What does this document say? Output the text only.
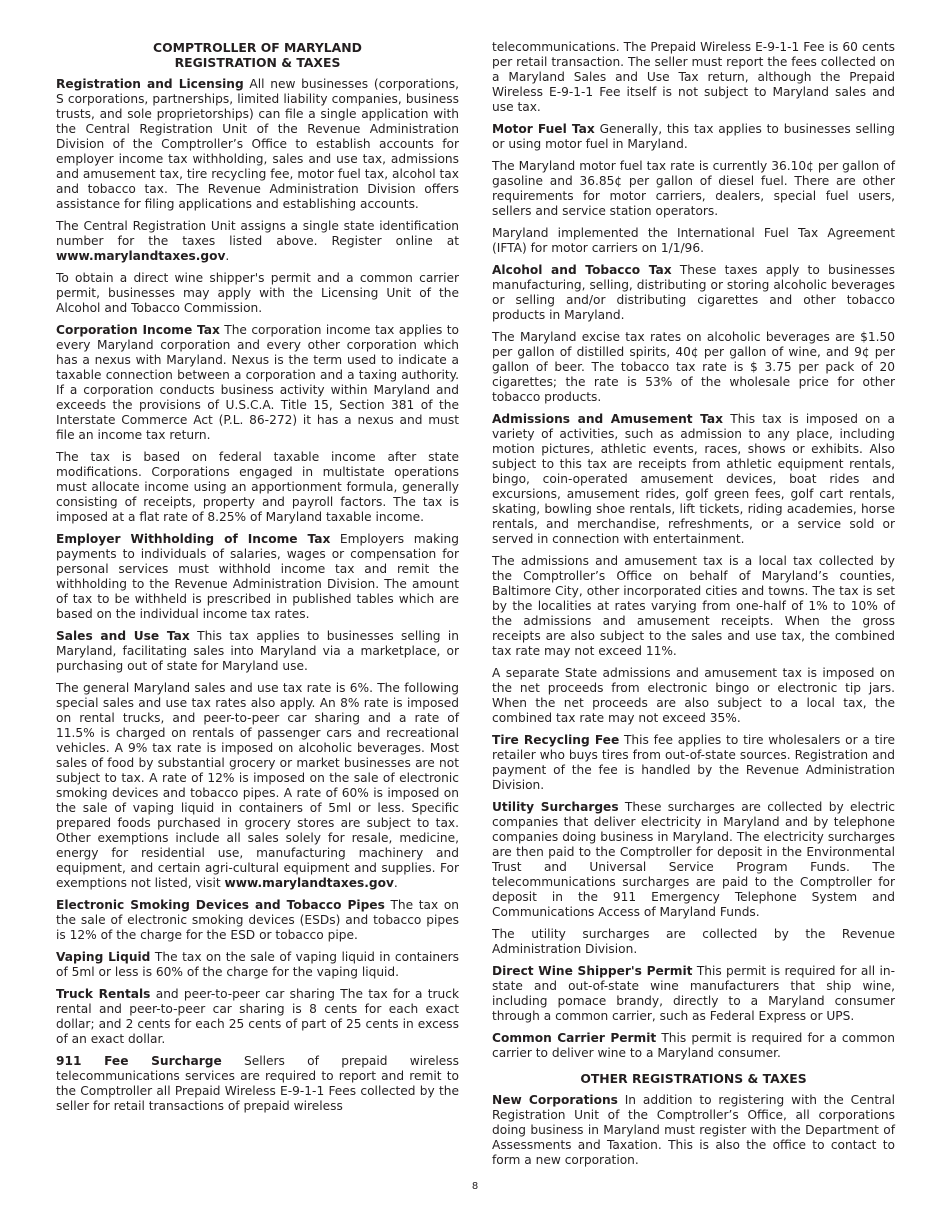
COMPTROLLER OF MARYLAND
REGISTRATION & TAXES

Registration and Licensing All new businesses (corporations, S corporations, partnerships, limited liability companies, business trusts, and sole proprietorships) can file a single application with the Central Registration Unit of the Revenue Administration Division of the Comptroller’s Office to establish accounts for employer income tax withholding, sales and use tax, admissions and amusement tax, tire recycling fee, motor fuel tax, alcohol tax and tobacco tax. The Revenue Administration Division offers assistance for filing applications and establishing accounts.

The Central Registration Unit assigns a single state identification number for the taxes listed above. Register online at www.marylandtaxes.gov.

To obtain a direct wine shipper's permit and a common carrier permit, businesses may apply with the Licensing Unit of the Alcohol and Tobacco Commission.

Corporation Income Tax The corporation income tax applies to every Maryland corporation and every other corporation which has a nexus with Maryland. Nexus is the term used to indicate a taxable connection between a corporation and a taxing authority. If a corporation conducts business activity within Maryland and exceeds the provisions of U.S.C.A. Title 15, Section 381 of the Interstate Commerce Act (P.L. 86-272) it has a nexus and must file an income tax return.

The tax is based on federal taxable income after state modifications. Corporations engaged in multistate operations must allocate income using an apportionment formula, generally consisting of receipts, property and payroll factors. The tax is imposed at a flat rate of 8.25% of Maryland taxable income.

Employer Withholding of Income Tax Employers making payments to individuals of salaries, wages or compensation for personal services must withhold income tax and remit the withholding to the Revenue Administration Division. The amount of tax to be withheld is prescribed in published tables which are based on the individual income tax rates.

Sales and Use Tax This tax applies to businesses selling in Maryland, facilitating sales into Maryland via a marketplace, or purchasing out of state for Maryland use.

The general Maryland sales and use tax rate is 6%. The following special sales and use tax rates also apply. An 8% rate is imposed on rental trucks, and peer-to-peer car sharing and a rate of 11.5% is charged on rentals of passenger cars and recreational vehicles. A 9% tax rate is imposed on alcoholic beverages. Most sales of food by substantial grocery or market businesses are not subject to tax. A rate of 12% is imposed on the sale of electronic smoking devices and tobacco pipes. A rate of 60% is imposed on the sale of vaping liquid in containers of 5ml or less. Specific prepared foods purchased in grocery stores are subject to tax. Other exemptions include all sales solely for resale, medicine, energy for residential use, manufacturing machinery and equipment, and certain agri-cultural equipment and supplies. For exemptions not listed, visit www.marylandtaxes.gov.

Electronic Smoking Devices and Tobacco Pipes The tax on the sale of electronic smoking devices (ESDs) and tobacco pipes is 12% of the charge for the ESD or tobacco pipe.

Vaping Liquid The tax on the sale of vaping liquid in containers of 5ml or less is 60% of the charge for the vaping liquid.

Truck Rentals and peer-to-peer car sharing The tax for a truck rental and peer-to-peer car sharing is 8 cents for each exact dollar; and 2 cents for each 25 cents of part of 25 cents in excess of an exact dollar.

911 Fee Surcharge Sellers of prepaid wireless telecommunications services are required to report and remit to the Comptroller all Prepaid Wireless E-9-1-1 Fees collected by the seller for retail transactions of prepaid wireless

telecommunications. The Prepaid Wireless E-9-1-1 Fee is 60 cents per retail transaction. The seller must report the fees collected on a Maryland Sales and Use Tax return, although the Prepaid Wireless E-9-1-1 Fee itself is not subject to Maryland sales and use tax.

Motor Fuel Tax Generally, this tax applies to businesses selling or using motor fuel in Maryland.

The Maryland motor fuel tax rate is currently 36.10¢ per gallon of gasoline and 36.85¢ per gallon of diesel fuel. There are other requirements for motor carriers, dealers, special fuel users, sellers and service station operators.

Maryland implemented the International Fuel Tax Agreement (IFTA) for motor carriers on 1/1/96.

Alcohol and Tobacco Tax These taxes apply to businesses manufacturing, selling, distributing or storing alcoholic beverages or selling and/or distributing cigarettes and other tobacco products in Maryland.

The Maryland excise tax rates on alcoholic beverages are $1.50 per gallon of distilled spirits, 40¢ per gallon of wine, and 9¢ per gallon of beer. The tobacco tax rate is $ 3.75 per pack of 20 cigarettes; the rate is 53% of the wholesale price for other tobacco products.

Admissions and Amusement Tax This tax is imposed on a variety of activities, such as admission to any place, including motion pictures, athletic events, races, shows or exhibits. Also subject to this tax are receipts from athletic equipment rentals, bingo, coin-operated amusement devices, boat rides and excursions, amusement rides, golf green fees, golf cart rentals, skating, bowling shoe rentals, lift tickets, riding academies, horse rentals, and merchandise, refreshments, or a service sold or served in connection with entertainment.

The admissions and amusement tax is a local tax collected by the Comptroller’s Office on behalf of Maryland’s counties, Baltimore City, other incorporated cities and towns. The tax is set by the localities at rates varying from one-half of 1% to 10% of the admissions and amusement receipts. When the gross receipts are also subject to the sales and use tax, the combined tax rate may not exceed 11%.

A separate State admissions and amusement tax is imposed on the net proceeds from electronic bingo or electronic tip jars. When the net proceeds are also subject to a local tax, the combined tax rate may not exceed 35%.

Tire Recycling Fee This fee applies to tire wholesalers or a tire retailer who buys tires from out-of-state sources. Registration and payment of the fee is handled by the Revenue Administration Division.

Utility Surcharges These surcharges are collected by electric companies that deliver electricity in Maryland and by telephone companies doing business in Maryland. The electricity surcharges are then paid to the Comptroller for deposit in the Environmental Trust and Universal Service Program Funds. The telecommunications surcharges are paid to the Comptroller for deposit in the 911 Emergency Telephone System and Communications Access of Maryland Funds.

The utility surcharges are collected by the Revenue Administration Division.

Direct Wine Shipper's Permit This permit is required for all in-state and out-of-state wine manufacturers that ship wine, including pomace brandy, directly to a Maryland consumer through a common carrier, such as Federal Express or UPS.

Common Carrier Permit This permit is required for a common carrier to deliver wine to a Maryland consumer.

OTHER REGISTRATIONS & TAXES

New Corporations In addition to registering with the Central Registration Unit of the Comptroller’s Office, all corporations doing business in Maryland must register with the Department of Assessments and Taxation. This is also the office to contact to form a new corporation.

8
